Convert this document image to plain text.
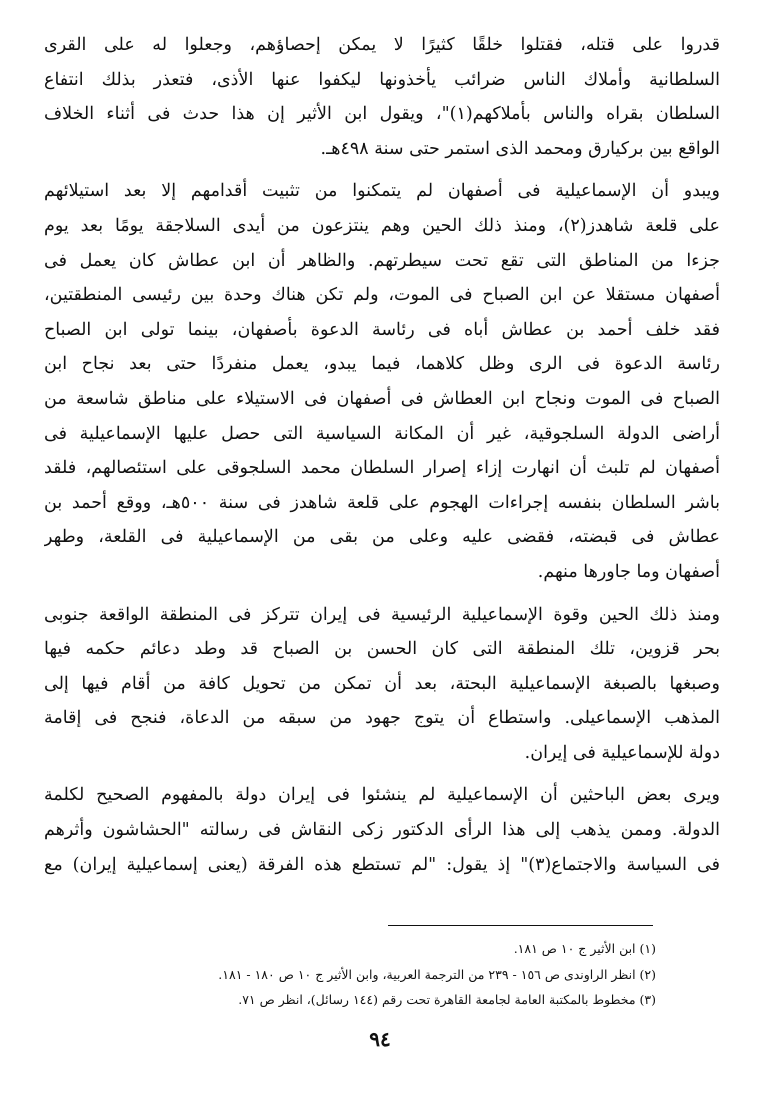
قدروا على قتله، فقتلوا خلقًا كثيرًا لا يمكن إحصاؤهم، وجعلوا له على القرى
السلطانية وأملاك الناس ضرائب يأخذونها ليكفوا عنها الأذى، فتعذر بذلك انتفاع
السلطان بقراه والناس بأملاكهم(١)"، ويقول ابن الأثير إن هذا حدث فى أثناء الخلاف
الواقع بين بركيارق ومحمد الذى استمر حتى سنة ٤٩٨هـ.
ويبدو أن الإسماعيلية فى أصفهان لم يتمكنوا من تثبيت أقدامهم إلا بعد استيلائهم
على قلعة شاهدز(٢)، ومنذ ذلك الحين وهم ينتزعون من أيدى السلاجقة يومًا بعد يوم
جزءا من المناطق التى تقع تحت سيطرتهم. والظاهر أن ابن عطاش كان يعمل فى
أصفهان مستقلا عن ابن الصباح فى الموت، ولم تكن هناك وحدة بين رئيسى المنطقتين،
فقد خلف أحمد بن عطاش أباه فى رئاسة الدعوة بأصفهان، بينما تولى ابن الصباح
رئاسة الدعوة فى الرى وظل كلاهما، فيما يبدو، يعمل منفردًا حتى بعد نجاح ابن
الصباح فى الموت ونجاح ابن العطاش فى أصفهان فى الاستيلاء على مناطق شاسعة من
أراضى الدولة السلجوقية، غير أن المكانة السياسية التى حصل عليها الإسماعيلية فى
أصفهان لم تلبث أن انهارت إزاء إصرار السلطان محمد السلجوقى على استئصالهم، فلقد
باشر السلطان بنفسه إجراءات الهجوم على قلعة شاهدز فى سنة ٥٠٠هـ، ووقع أحمد بن
عطاش فى قبضته، فقضى عليه وعلى من بقى من الإسماعيلية فى القلعة، وطهر
أصفهان وما جاورها منهم.
ومنذ ذلك الحين وقوة الإسماعيلية الرئيسية فى إيران تتركز فى المنطقة الواقعة جنوبى
بحر قزوين، تلك المنطقة التى كان الحسن بن الصباح قد وطد دعائم حكمه فيها
وصبغها بالصبغة الإسماعيلية البحتة، بعد أن تمكن من تحويل كافة من أقام فيها إلى
المذهب الإسماعيلى. واستطاع أن يتوج جهود من سبقه من الدعاة، فنجح فى إقامة
دولة للإسماعيلية فى إيران.
ويرى بعض الباحثين أن الإسماعيلية لم ينشئوا فى إيران دولة بالمفهوم الصحيح لكلمة
الدولة. وممن يذهب إلى هذا الرأى الدكتور زكى النقاش فى رسالته "الحشاشون وأثرهم
فى السياسة والاجتماع(٣)" إذ يقول: "لم تستطع هذه الفرقة (يعنى إسماعيلية إيران) مع
(١) ابن الأثير ج ١٠ ص ١٨١.
(٢) انظر الراوندى ص ١٥٦ - ٢٣٩ من الترجمة العربية، وابن الأثير ج ١٠ ص ١٨٠ - ١٨١.
(٣) مخطوط بالمكتبة العامة لجامعة القاهرة تحت رقم (١٤٤ رسائل)، انظر ص ٧١.
٩٤
